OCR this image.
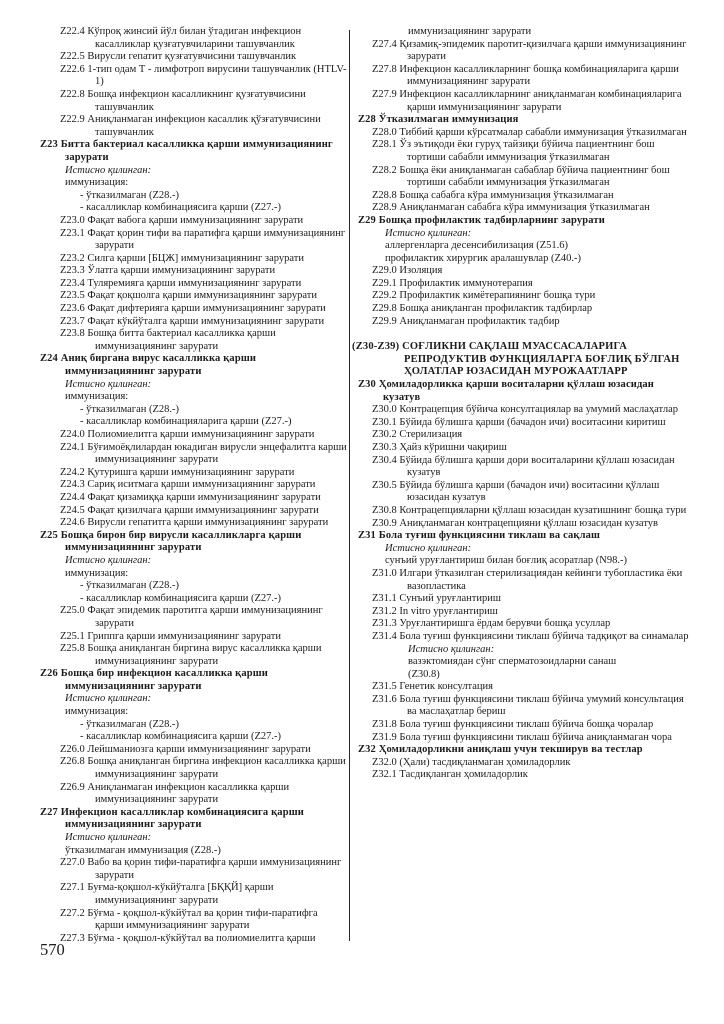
Z22.4 Кўпроқ жинсий йўл билан ўтадиган инфекцион касалликлар қузғатувчиларини ташувчанлик
Z22.5 Вирусли гепатит қузғатувчисини ташувчанлик
Z22.6 1-тип одам Т - лимфотроп вирусини ташувчанлик (HTLV-1)
Z22.8 Бошқа инфекцион касалликнинг қузғатувчисини ташувчанлик
Z22.9 Аниқланмаган инфекцион касаллик қўзғатувчисини ташувчанлик
Z23 Битта бактериал касалликка қарши иммунизациянинг зарурати
Истисно қилинган:
иммунизация:
- ўтказилмаган (Z28.-)
- касалликлар комбинациясига қарши (Z27.-)
Z23.0 Фақат вабога қарши иммунизациянинг зарурати
Z23.1 Фақат қорин тифи ва паратифга қарши иммунизациянинг зарурати
Z23.2 Силга қарши [БЦЖ] иммунизациянинг зарурати
Z23.3 Ўлатга қарши иммунизациянинг зарурати
Z23.4 Туляремияга қарши иммунизациянинг зарурати
Z23.5 Фақат қоқшолга қарши иммунизациянинг зарурати
Z23.6 Фақат дифтерияга қарши иммунизациянинг зарурати
Z23.7 Фақат кўкйўталга қарши иммунизациянинг зарурати
Z23.8 Бошқа битта бактериал касалликка қарши иммунизациянинг зарурати
Z24 Аниқ биргана вирус касалликка қарши иммунизациянинг зарурати
Истисно қилинган:
иммунизация:
- ўтказилмаган (Z28.-)
- касалликлар комбинацияларига қарши (Z27.-)
Z24.0 Полиомиелитга қарши иммунизациянинг зарурати
Z24.1 Бўғимоёқлилардан юкадиган вирусли энцефалитга карши иммунизациянинг зарурати
Z24.2 Қутуришга қарши иммунизациянинг зарурати
Z24.3 Сариқ иситмага қарши иммунизациянинг зарурати
Z24.4 Фақат қизамиққа қарши иммунизациянинг зарурати
Z24.5 Фақат қизилчага қарши иммунизациянинг зарурати
Z24.6 Вирусли гепатитга қарши иммунизациянинг зарурати
Z25 Бошқа бирон бир вирусли касалликларга қарши иммунизациянинг зарурати
Истисно қилинган:
иммунизация:
- ўтказилмаган (Z28.-)
- касалликлар комбинациясига қарши (Z27.-)
Z25.0 Фақат эпидемик паротитга қарши иммунизациянинг зарурати
Z25.1 Гриппга қарши иммунизациянинг зарурати
Z25.8 Бошқа аниқланган биргина вирус касалликка қарши иммунизациянинг зарурати
Z26 Бошқа бир инфекцион касалликка қарши иммунизациянинг зарурати
Истисно қилинган:
иммунизация:
- ўтказилмаган (Z28.-)
- касалликлар комбинациясига қарши (Z27.-)
Z26.0 Лейшманиозга қарши иммунизациянинг зарурати
Z26.8 Бошқа аниқланган биргина инфекцион касалликка қарши иммунизациянинг зарурати
Z26.9 Аниқланмаган инфекцион касалликка қарши иммунизациянинг зарурати
Z27 Инфекцион касалликлар комбинациясига қарши иммунизациянинг зарурати
Истисно қилинган:
ўтказилмаган иммунизация (Z28.-)
Z27.0 Вабо ва қорин тифи-паратифга қарши иммунизациянинг зарурати
Z27.1 Буғма-қоқшол-кўкйўталга [БҚҚЙ] қарши иммунизациянинг зарурати
Z27.2 Бўғма - қоқшол-кўкйўтал ва қорин тифи-паратифга қарши иммунизациянинг зарурати
Z27.3 Бўғма - қоқшол-кўкйўтал ва полиомиелитга қарши
иммунизациянинг зарурати
Z27.4 Қизамиқ-эпидемик паротит-қизилчага қарши иммунизациянинг зарурати
Z27.8 Инфекцион касалликларнинг бошқа комбинацияларига қарши иммунизациянинг зарурати
Z27.9 Инфекцион касалликларнинг аниқланмаган комбинацияларига қарши иммунизациянинг зарурати
Z28 Ўтказилмаган иммунизация
Z28.0 Тиббий қарши кўрсатмалар сабабли иммунизация ўтказилмаган
Z28.1 Ўз эътиқоди ёки гуруҳ тайзиқи бўйича пациентнинг бош тортиши сабабли иммунизация ўтказилмаган
Z28.2 Бошқа ёки аниқланмаган сабаблар бўйича пациентнинг бош тортиши сабабли иммунизация ўтказилмаган
Z28.8 Бошқа сабабга кўра иммунизация ўтказилмаган
Z28.9 Аниқланмаган сабабга кўра иммунизация ўтказилмаган
Z29 Бошқа профилактик тадбирларнинг зарурати
Истисно қилинган:
аллергенларга десенсибилизация (Z51.6)
профилактик хирургик аралашувлар (Z40.-)
Z29.0 Изоляция
Z29.1 Профилактик иммунотерапия
Z29.2 Профилактик кимётерапиянинг бошқа тури
Z29.8 Бошқа аниқланган профилактик тадбирлар
Z29.9 Аниқланмаган профилактик тадбир
(Z30-Z39) СОҒЛИКНИ САҚЛАШ МУАССАСАЛАРИГА РЕПРОДУКТИВ ФУНКЦИЯЛАРГА БОҒЛИҚ БЎЛГАН ҲОЛАТЛАР ЮЗАСИДАН МУРОЖААТЛАРР
Z30 Ҳомиладорликка қарши воситаларни қўллаш юзасидан кузатув
Z30.0 Контрацепция бўйича консултациялар ва умумий маслаҳатлар
Z30.1 Бўйида бўлишга қарши (бачадон ичи) воситасини киритиш
Z30.2 Стерилизация
Z30.3 Ҳайз кўришни чақириш
Z30.4 Бўйида бўлишга қарши дори воситаларини қўллаш юзасидан кузатув
Z30.5 Бўйида бўлишга қарши (бачадон ичи) воситасини қўллаш юзасидан кузатув
Z30.8 Контрацепцияларни қўллаш юзасидан кузатишнинг бошқа тури
Z30.9 Аниқланмаган контрацепцияни қўллаш юзасидан кузатув
Z31 Бола туғиш функциясини тиклаш ва сақлаш
Истисно қилинган:
сунъий уруғлантириш билан боғлиқ асоратлар (N98.-)
Z31.0 Илгари ўтказилган стерилизациядан кейинги тубопластика ёки вазопластика
Z31.1 Сунъий уруғлантириш
Z31.2 In vitro уруғлантириш
Z31.3 Уруғлантиришга ёрдам берувчи бошқа усуллар
Z31.4 Бола туғиш функциясини тиклаш бўйича тадқиқот ва синамалар
Истисно қилинган:
вазэктомиядан сўнг сперматозоидларни санаш
(Z30.8)
Z31.5 Генетик консултация
Z31.6 Бола туғиш функциясини тиклаш бўйича умумий консультация ва маслаҳатлар бериш
Z31.8 Бола туғиш функциясини тиклаш бўйича бошқа чоралар
Z31.9 Бола туғиш функциясини тиклаш бўйича аниқланмаган чора
Z32 Ҳомиладорликни аниқлаш учун текширув ва тестлар
Z32.0 (Ҳали) тасдиқланмаган ҳомиладорлик
Z32.1 Тасдиқланган ҳомиладорлик
570
